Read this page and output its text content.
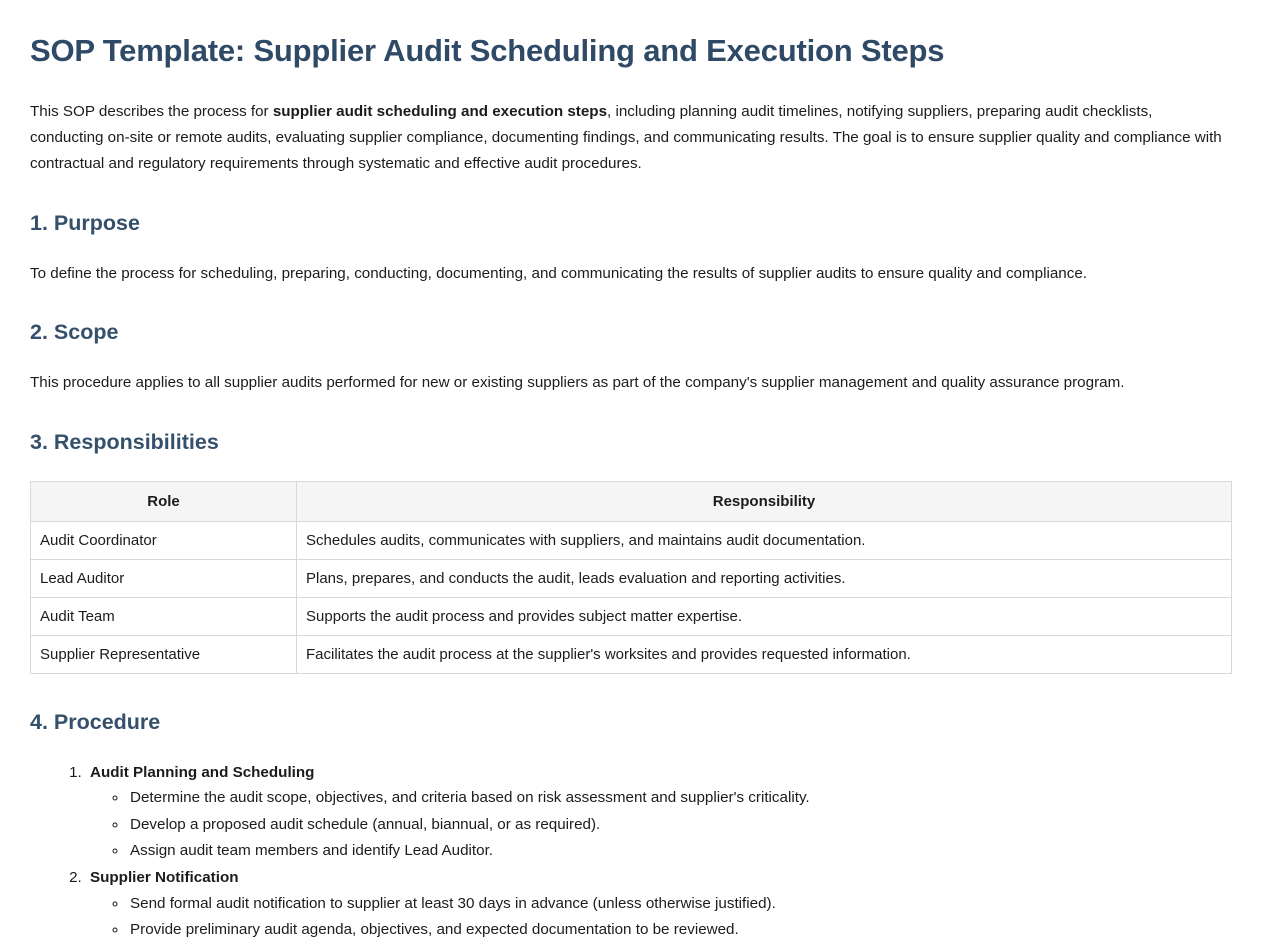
SOP Template: Supplier Audit Scheduling and Execution Steps

This SOP describes the process for supplier audit scheduling and execution steps, including planning audit timelines, notifying suppliers, preparing audit checklists, conducting on-site or remote audits, evaluating supplier compliance, documenting findings, and communicating results. The goal is to ensure supplier quality and compliance with contractual and regulatory requirements through systematic and effective audit procedures.

1. Purpose

To define the process for scheduling, preparing, conducting, documenting, and communicating the results of supplier audits to ensure quality and compliance.

2. Scope

This procedure applies to all supplier audits performed for new or existing suppliers as part of the company's supplier management and quality assurance program.

3. Responsibilities
Role	Responsibility
Audit Coordinator	Schedules audits, communicates with suppliers, and maintains audit documentation.
Lead Auditor	Plans, prepares, and conducts the audit, leads evaluation and reporting activities.
Audit Team	Supports the audit process and provides subject matter expertise.
Supplier Representative	Facilitates the audit process at the supplier's worksites and provides requested information.
4. Procedure
1. Audit Planning and Scheduling
◦ Determine the audit scope, objectives, and criteria based on risk assessment and supplier's criticality.
◦ Develop a proposed audit schedule (annual, biannual, or as required).
◦ Assign audit team members and identify Lead Auditor.
2. Supplier Notification
◦ Send formal audit notification to supplier at least 30 days in advance (unless otherwise justified).
◦ Provide preliminary audit agenda, objectives, and expected documentation to be reviewed.
